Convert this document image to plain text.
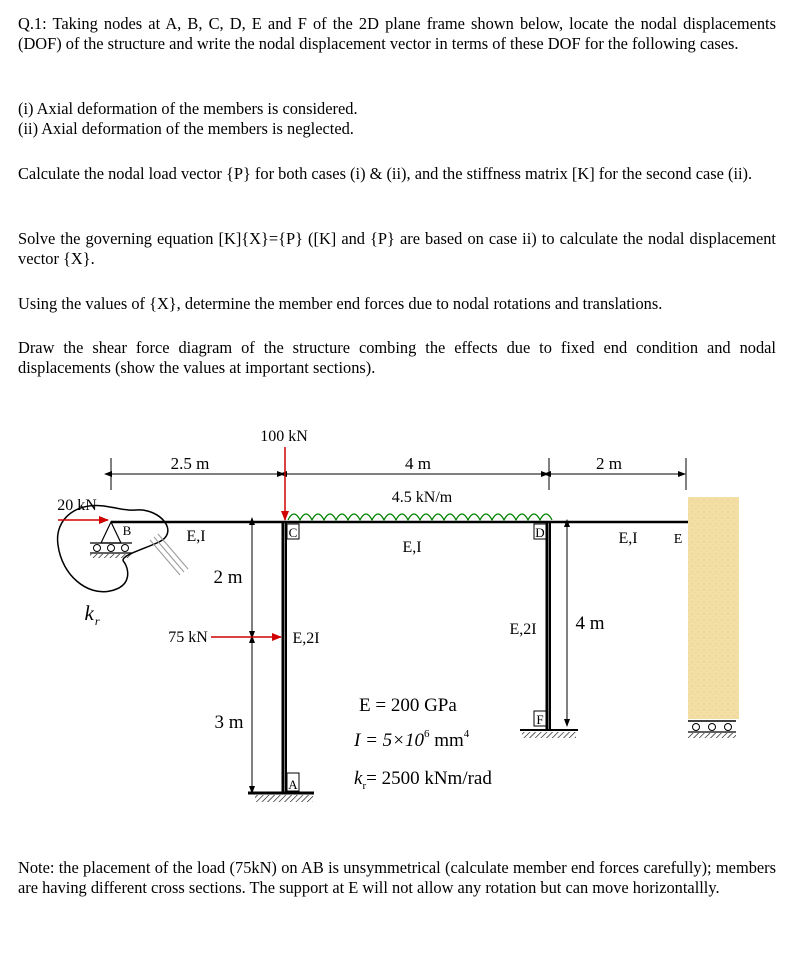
Q.1: Taking nodes at A, B, C, D, E and F of the 2D plane frame shown below, locate the nodal displacements (DOF) of the structure and write the nodal displacement vector in terms of these DOF for the following cases.

(i) Axial deformation of the members is considered.
(ii) Axial deformation of the members is neglected.

Calculate the nodal load vector {P} for both cases (i) & (ii), and the stiffness matrix [K] for the second case (ii).

Solve the governing equation [K]{X}={P} ([K] and {P} are based on case ii) to calculate the nodal displacement vector {X}.

Using the values of {X}, determine the member end forces due to nodal rotations and translations.

Draw the shear force diagram of the structure combing the effects due to fixed end condition and nodal displacements (show the values at important sections).

Note: the placement of the load (75kN) on AB is unsymmetrical (calculate member end forces carefully); members are having different cross sections. The support at E will not allow any rotation but can move horizontallly.

2.5 m	4 m	2 m
2 m
3 m
4 m
C	D
F
A
B
E
$k_r$
E,I
E,I
E,I
E,2I
E,2I
100 kN
4.5 kN/m
20 kN
75 kN
E = 200 GPa
$I = 5\times 10^6$ $mm^4$
$k_r= 2500$ kNm/rad
